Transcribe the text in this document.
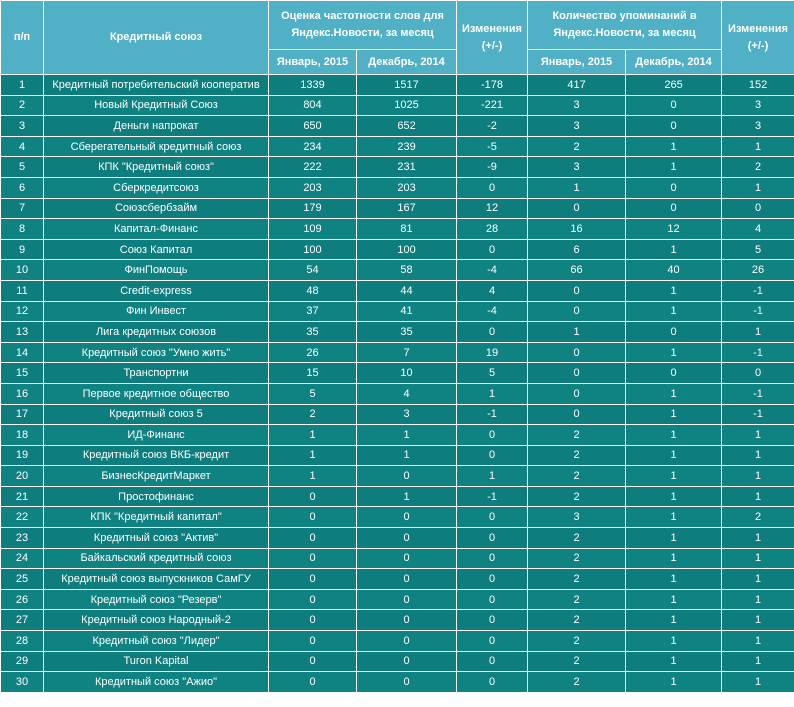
п/п	Кредитный союз	Оценка частотности слов для Яндекс.Новости, за месяц		Изменения (+/-)	Количество упоминаний в Яндекс.Новости, за месяц		Изменения (+/-)
		Январь, 2015	Декабрь, 2014		Январь, 2015	Декабрь, 2014	
1	Кредитный потребительский кооператив	1339	1517	-178	417	265	152
2	Новый Кредитный Союз	804	1025	-221	3	0	3
3	Деньги напрокат	650	652	-2	3	0	3
4	Сберегательный кредитный союз	234	239	-5	2	1	1
5	КПК "Кредитный союз"	222	231	-9	3	1	2
6	Сберкредитсоюз	203	203	0	1	0	1
7	Союзсбербзайм	179	167	12	0	0	0
8	Капитал-Финанс	109	81	28	16	12	4
9	Союз Капитал	100	100	0	6	1	5
10	ФинПомощь	54	58	-4	66	40	26
11	Credit-express	48	44	4	0	1	-1
12	Фин Инвест	37	41	-4	0	1	-1
13	Лига кредитных союзов	35	35	0	1	0	1
14	Кредитный союз "Умно жить"	26	7	19	0	1	-1
15	Транспортни	15	10	5	0	0	0
16	Первое кредитное общество	5	4	1	0	1	-1
17	Кредитный союз 5	2	3	-1	0	1	-1
18	ИД-Финанс	1	1	0	2	1	1
19	Кредитный союз ВКБ-кредит	1	1	0	2	1	1
20	БизнесКредитМаркет	1	0	1	2	1	1
21	Простофинанс	0	1	-1	2	1	1
22	КПК "Кредитный капитал"	0	0	0	3	1	2
23	Кредитный союз "Актив"	0	0	0	2	1	1
24	Байкальский кредитный союз	0	0	0	2	1	1
25	Кредитный союз выпускников СамГУ	0	0	0	2	1	1
26	Кредитный союз "Резерв"	0	0	0	2	1	1
27	Кредитный союз Народный-2	0	0	0	2	1	1
28	Кредитный союз "Лидер"	0	0	0	2	1	1
29	Turon Kapital	0	0	0	2	1	1
30	Кредитный союз "Ажио"	0	0	0	2	1	1
